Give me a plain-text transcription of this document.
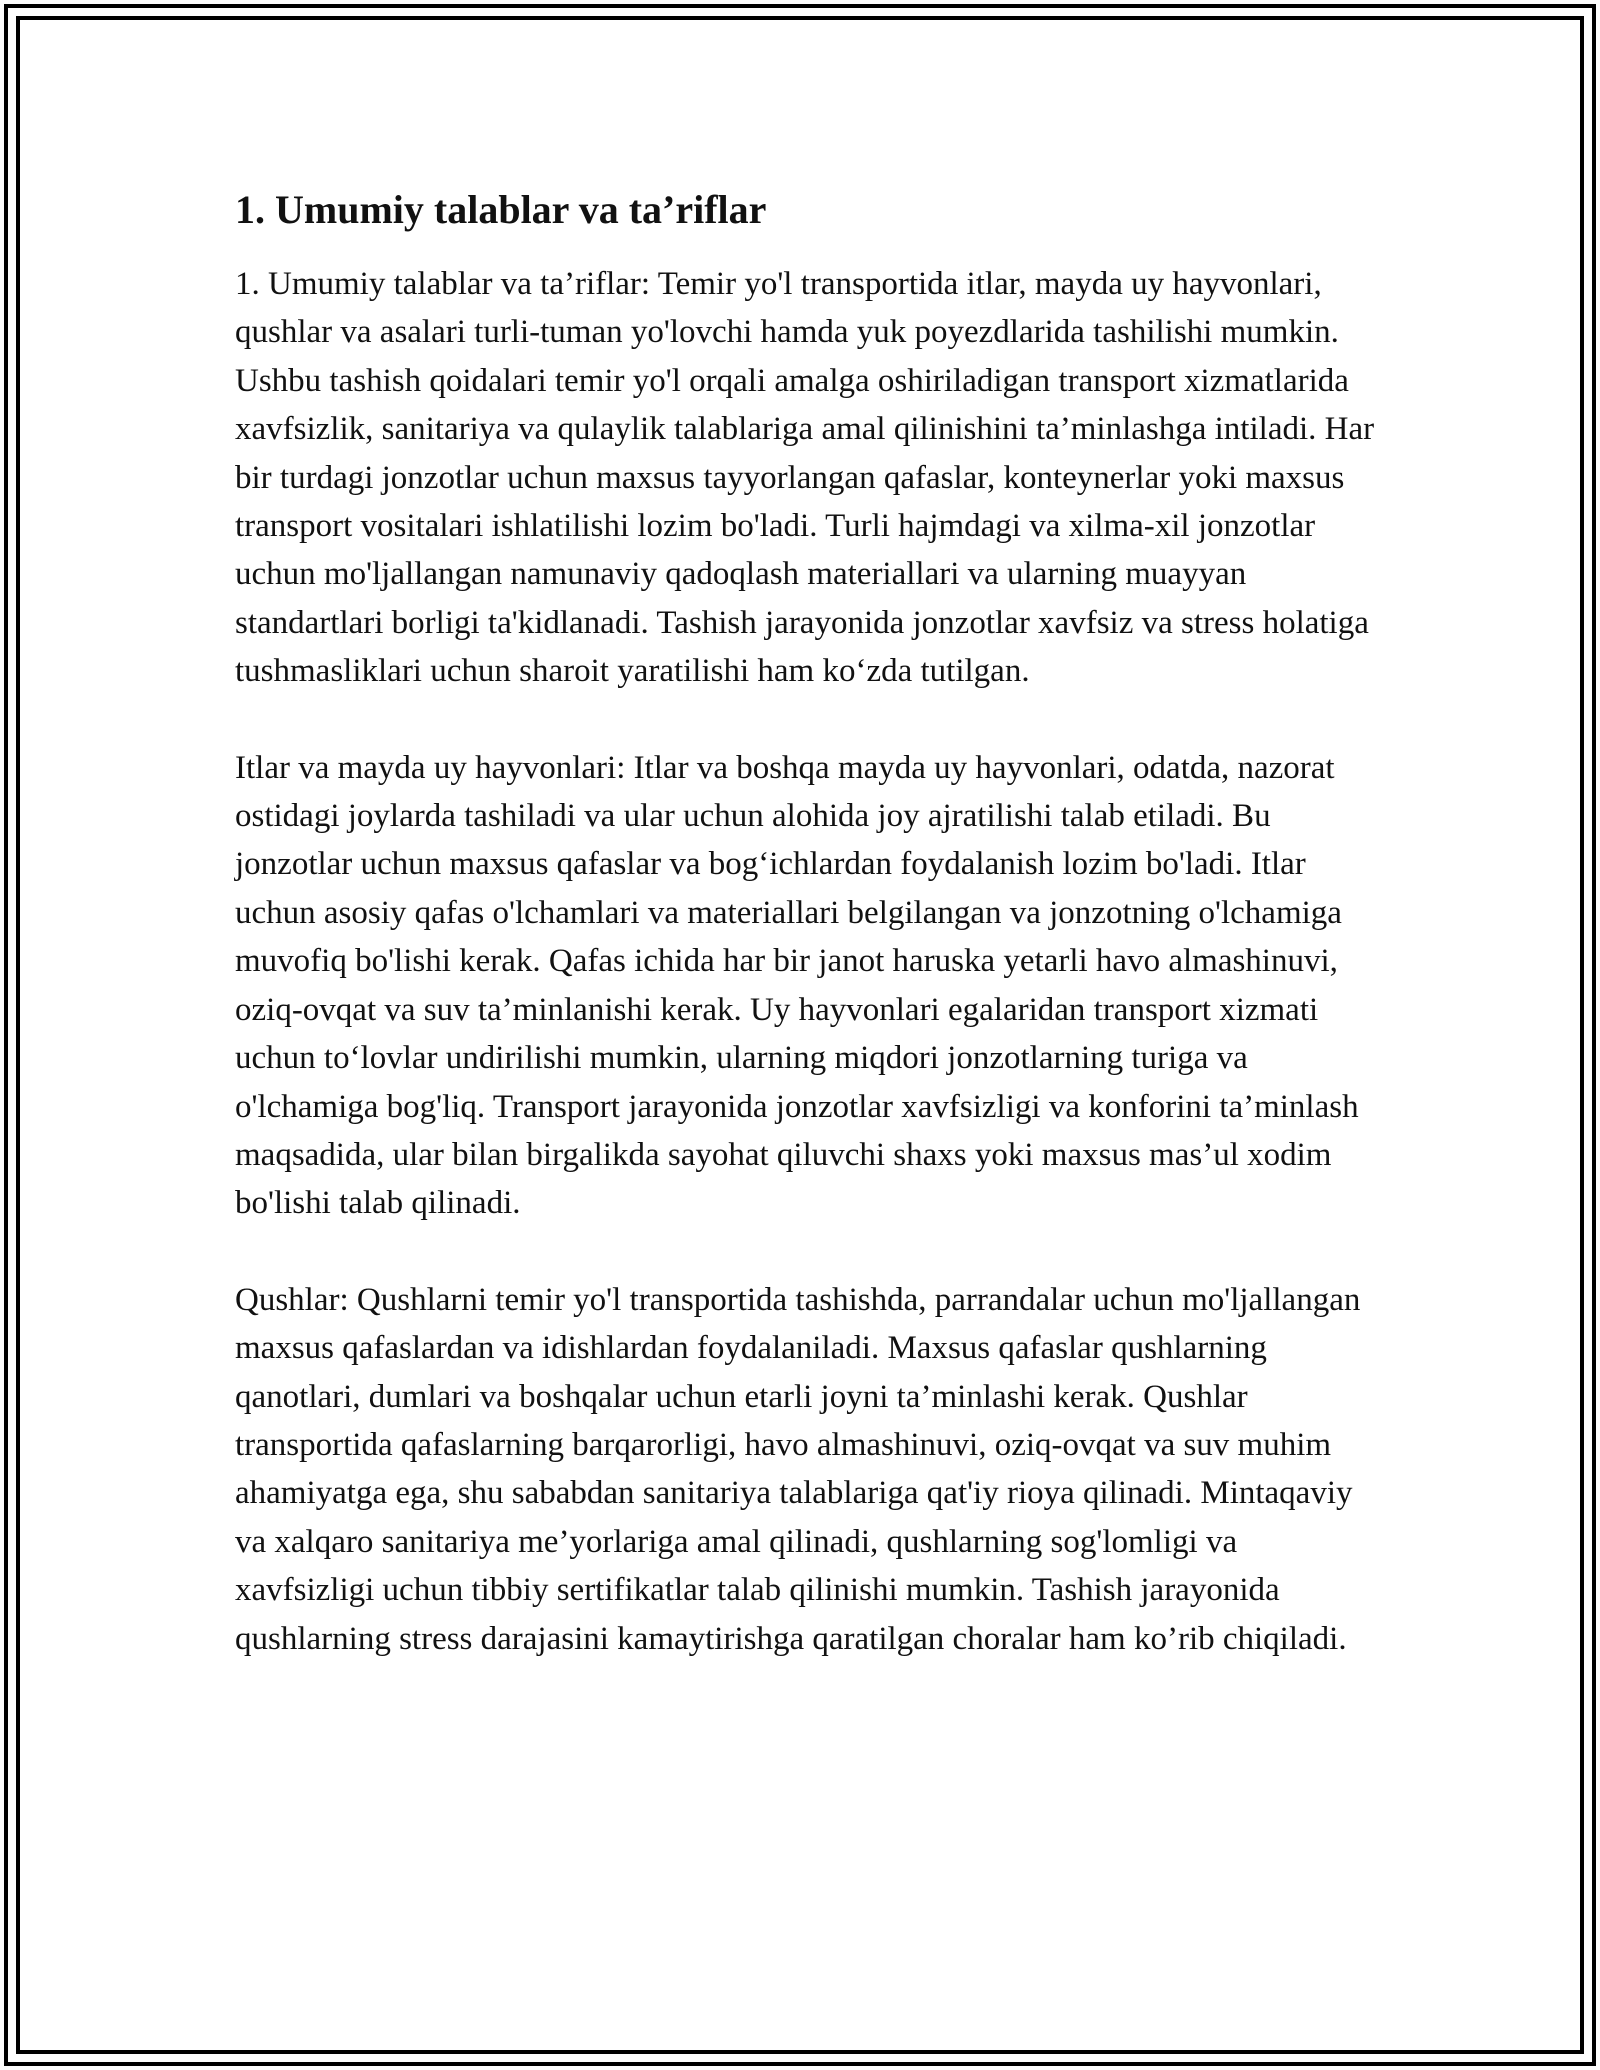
1. Umumiy talablar va ta’riflar

1. Umumiy talablar va ta’riflar: Temir yo'l transportida itlar, mayda uy hayvonlari, qushlar va asalari turli-tuman yo'lovchi hamda yuk poyezdlarida tashilishi mumkin. Ushbu tashish qoidalari temir yo'l orqali amalga oshiriladigan transport xizmatlarida xavfsizlik, sanitariya va qulaylik talablariga amal qilinishini ta’minlashga intiladi. Har bir turdagi jonzotlar uchun maxsus tayyorlangan qafaslar, konteynerlar yoki maxsus transport vositalari ishlatilishi lozim bo'ladi. Turli hajmdagi va xilma-xil jonzotlar uchun mo'ljallangan namunaviy qadoqlash materiallari va ularning muayyan standartlari borligi ta'kidlanadi. Tashish jarayonida jonzotlar xavfsiz va stress holatiga tushmasliklari uchun sharoit yaratilishi ham ko‘zda tutilgan.

Itlar va mayda uy hayvonlari: Itlar va boshqa mayda uy hayvonlari, odatda, nazorat ostidagi joylarda tashiladi va ular uchun alohida joy ajratilishi talab etiladi. Bu jonzotlar uchun maxsus qafaslar va bog‘ichlardan foydalanish lozim bo'ladi. Itlar uchun asosiy qafas o'lchamlari va materiallari belgilangan va jonzotning o'lchamiga muvofiq bo'lishi kerak. Qafas ichida har bir janot haruska yetarli havo almashinuvi, oziq-ovqat va suv ta’minlanishi kerak. Uy hayvonlari egalaridan transport xizmati uchun to‘lovlar undirilishi mumkin, ularning miqdori jonzotlarning turiga va o'lchamiga bog'liq. Transport jarayonida jonzotlar xavfsizligi va konforini ta’minlash maqsadida, ular bilan birgalikda sayohat qiluvchi shaxs yoki maxsus mas’ul xodim bo'lishi talab qilinadi.

Qushlar: Qushlarni temir yo'l transportida tashishda, parrandalar uchun mo'ljallangan maxsus qafaslardan va idishlardan foydalaniladi. Maxsus qafaslar qushlarning qanotlari, dumlari va boshqalar uchun etarli joyni ta’minlashi kerak. Qushlar transportida qafaslarning barqarorligi, havo almashinuvi, oziq-ovqat va suv muhim ahamiyatga ega, shu sababdan sanitariya talablariga qat'iy rioya qilinadi. Mintaqaviy va xalqaro sanitariya me’yorlariga amal qilinadi, qushlarning sog'lomligi va xavfsizligi uchun tibbiy sertifikatlar talab qilinishi mumkin. Tashish jarayonida qushlarning stress darajasini kamaytirishga qaratilgan choralar ham ko’rib chiqiladi.
